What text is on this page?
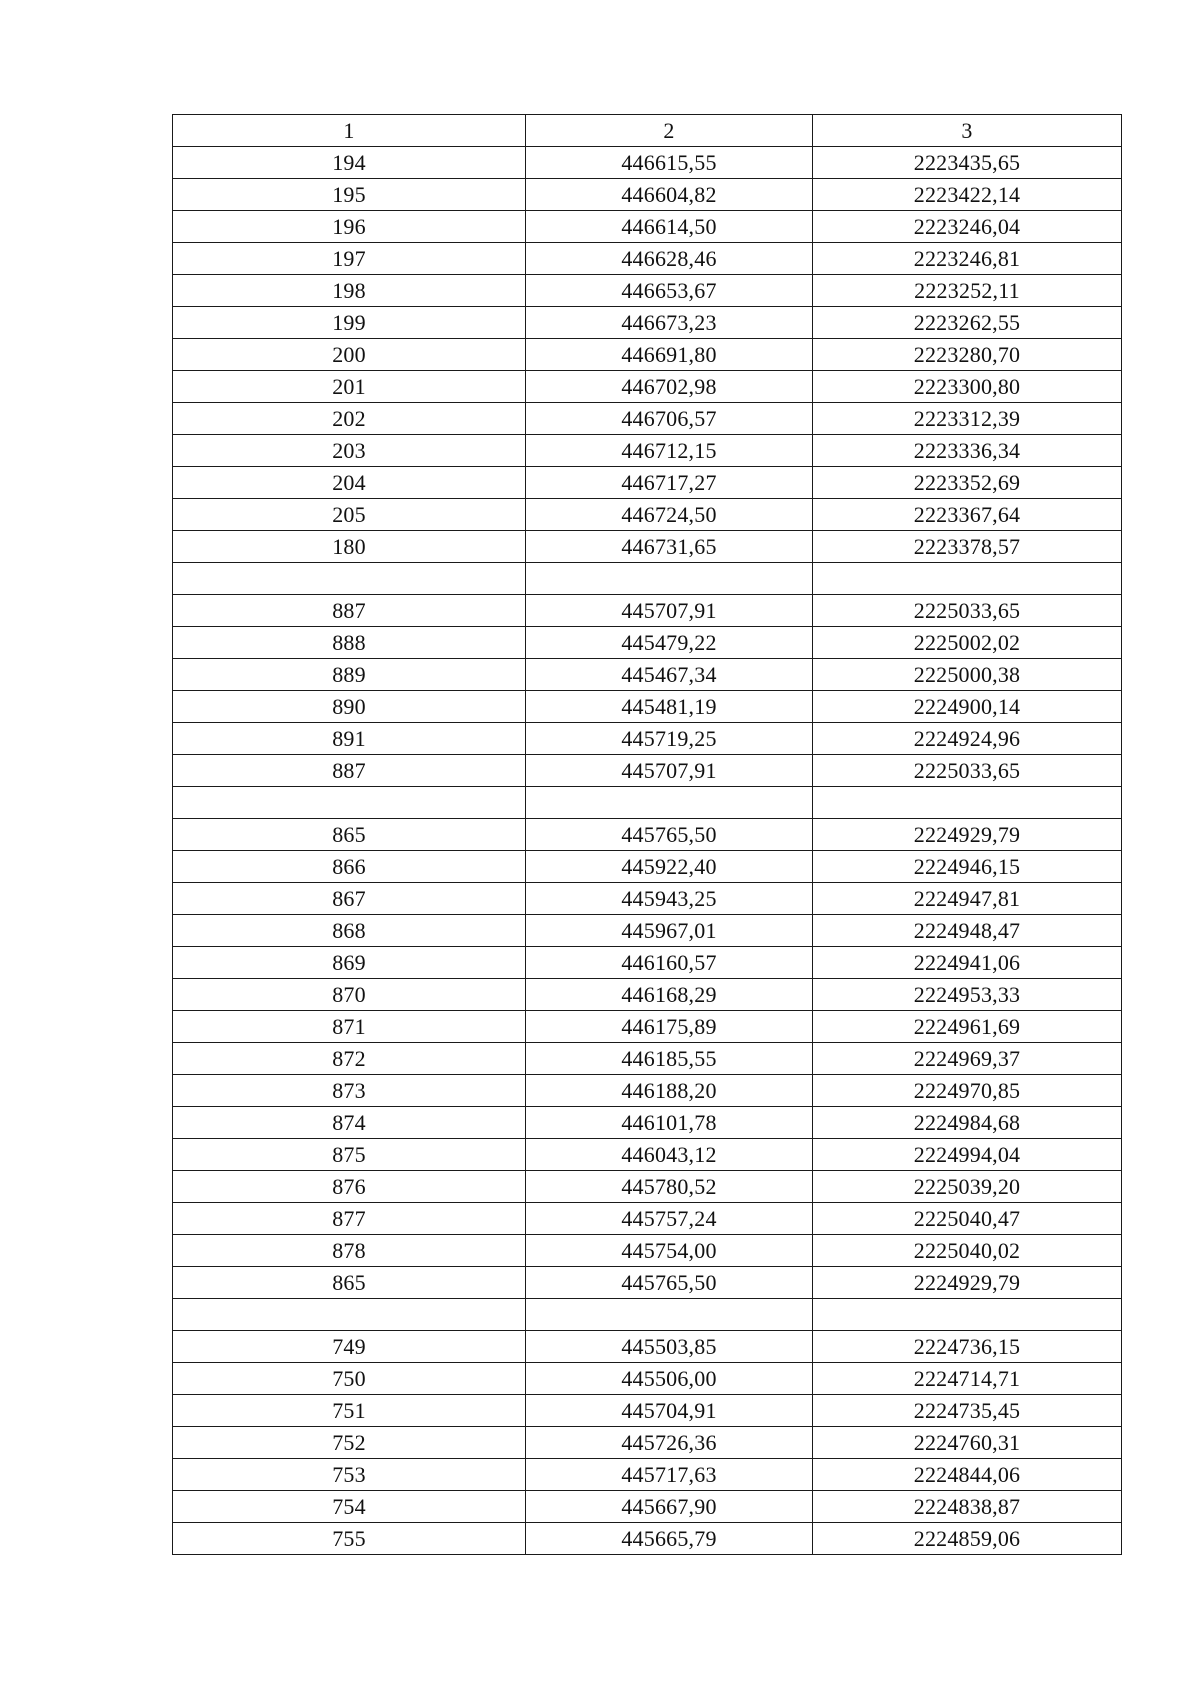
1	2	3
194	446615,55	2223435,65
195	446604,82	2223422,14
196	446614,50	2223246,04
197	446628,46	2223246,81
198	446653,67	2223252,11
199	446673,23	2223262,55
200	446691,80	2223280,70
201	446702,98	2223300,80
202	446706,57	2223312,39
203	446712,15	2223336,34
204	446717,27	2223352,69
205	446724,50	2223367,64
180	446731,65	2223378,57

887	445707,91	2225033,65
888	445479,22	2225002,02
889	445467,34	2225000,38
890	445481,19	2224900,14
891	445719,25	2224924,96
887	445707,91	2225033,65

865	445765,50	2224929,79
866	445922,40	2224946,15
867	445943,25	2224947,81
868	445967,01	2224948,47
869	446160,57	2224941,06
870	446168,29	2224953,33
871	446175,89	2224961,69
872	446185,55	2224969,37
873	446188,20	2224970,85
874	446101,78	2224984,68
875	446043,12	2224994,04
876	445780,52	2225039,20
877	445757,24	2225040,47
878	445754,00	2225040,02
865	445765,50	2224929,79

749	445503,85	2224736,15
750	445506,00	2224714,71
751	445704,91	2224735,45
752	445726,36	2224760,31
753	445717,63	2224844,06
754	445667,90	2224838,87
755	445665,79	2224859,06
